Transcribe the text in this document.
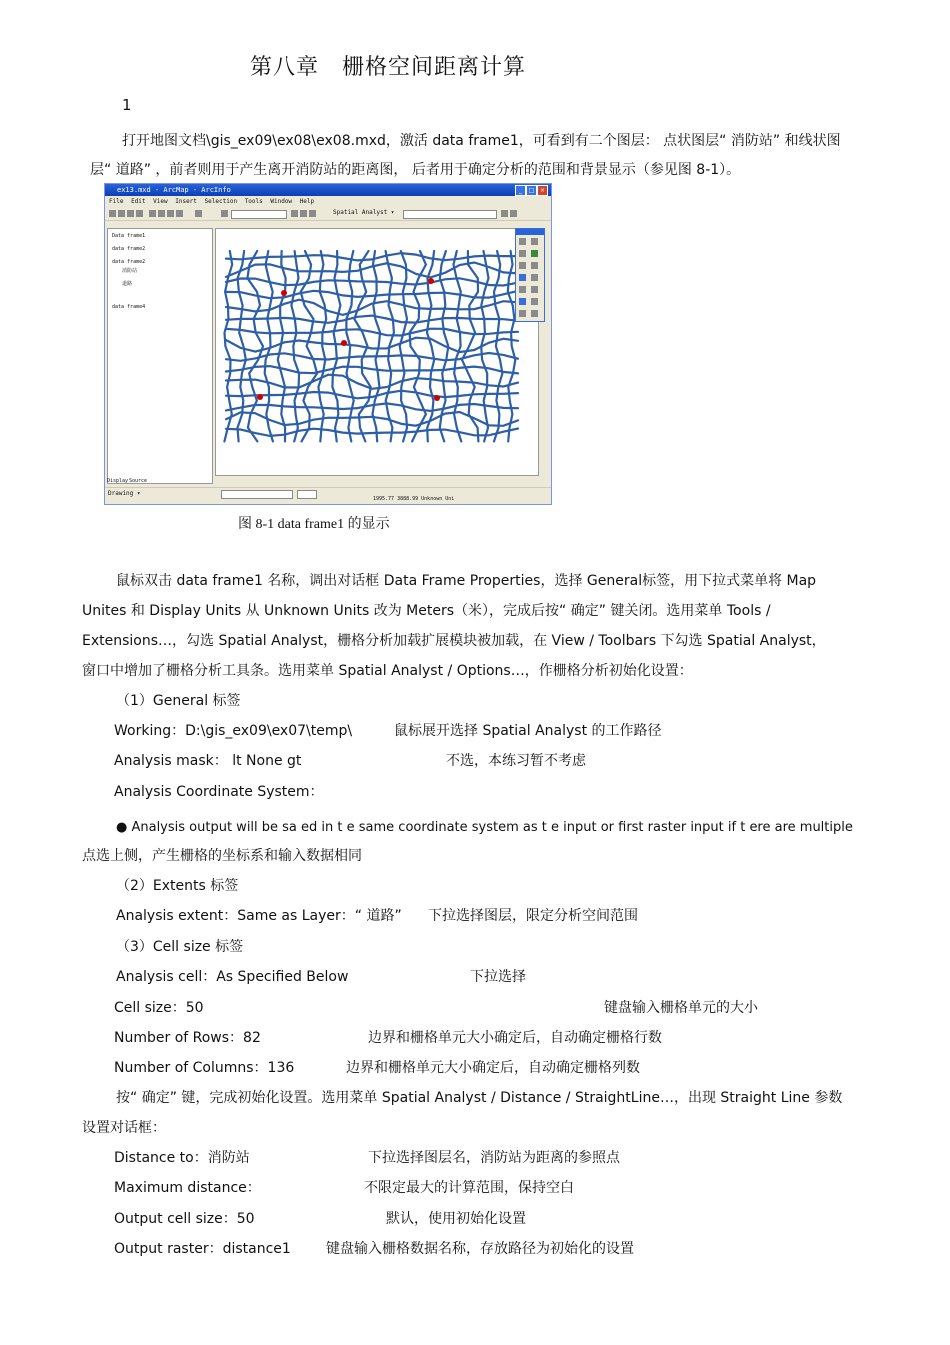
第八章　栅格空间距离计算
1
打开地图文档\gis_ex09\ex08\ex08.mxd，激活 data frame1，可看到有二个图层： 点状图层“ 消防站” 和线状图
层“ 道路” ，前者则用于产生离开消防站的距离图， 后者用于确定分析的范围和背景显示（参见图 8-1）。
ex13.mxd - ArcMap - ArcInfo	_	□ ×
File Edit View Insert Selection Tools Window Help
Spatial Analyst ▾
Data frame1
data frame2
data frame2
消防站
道路
data frame4
Display Source
Drawing ▾
1995.77 3888.99 Unknown Uni
图 8-1 data frame1 的显示
鼠标双击 data frame1 名称，调出对话框 Data Frame Properties，选择 General标签，用下拉式菜单将 Map
Unites 和 Display Units 从 Unknown Units 改为 Meters（米），完成后按“ 确定” 键关闭。选用菜单 Tools /
Extensions…，勾选 Spatial Analyst，栅格分析加载扩展模块被加载，在 View / Toolbars 下勾选 Spatial Analyst，
窗口中增加了栅格分析工具条。选用菜单 Spatial Analyst / Options…，作栅格分析初始化设置：
（1）General 标签
Working：D:\gis_ex09\ex07\temp\	鼠标展开选择 Spatial Analyst 的工作路径
Analysis mask： lt None gt	不选，本练习暂不考虑
Analysis Coordinate System：
● Analysis output will be sa ed in t e same coordinate system as t e input or first raster input if t ere are multiple
点选上侧，产生栅格的坐标系和输入数据相同
（2）Extents 标签
Analysis extent：Same as Layer：“ 道路” 下拉选择图层，限定分析空间范围
（3）Cell size 标签
Analysis cell：As Specified Below	下拉选择
Cell size：50	键盘输入栅格单元的大小
Number of Rows：82	边界和栅格单元大小确定后，自动确定栅格行数
Number of Columns：136	边界和栅格单元大小确定后，自动确定栅格列数
按“ 确定” 键，完成初始化设置。选用菜单 Spatial Analyst / Distance / StraightLine…，出现 Straight Line 参数
设置对话框：
Distance to：消防站	下拉选择图层名，消防站为距离的参照点
Maximum distance：	不限定最大的计算范围，保持空白
Output cell size：50	默认，使用初始化设置
Output raster：distance1	键盘输入栅格数据名称，存放路径为初始化的设置
